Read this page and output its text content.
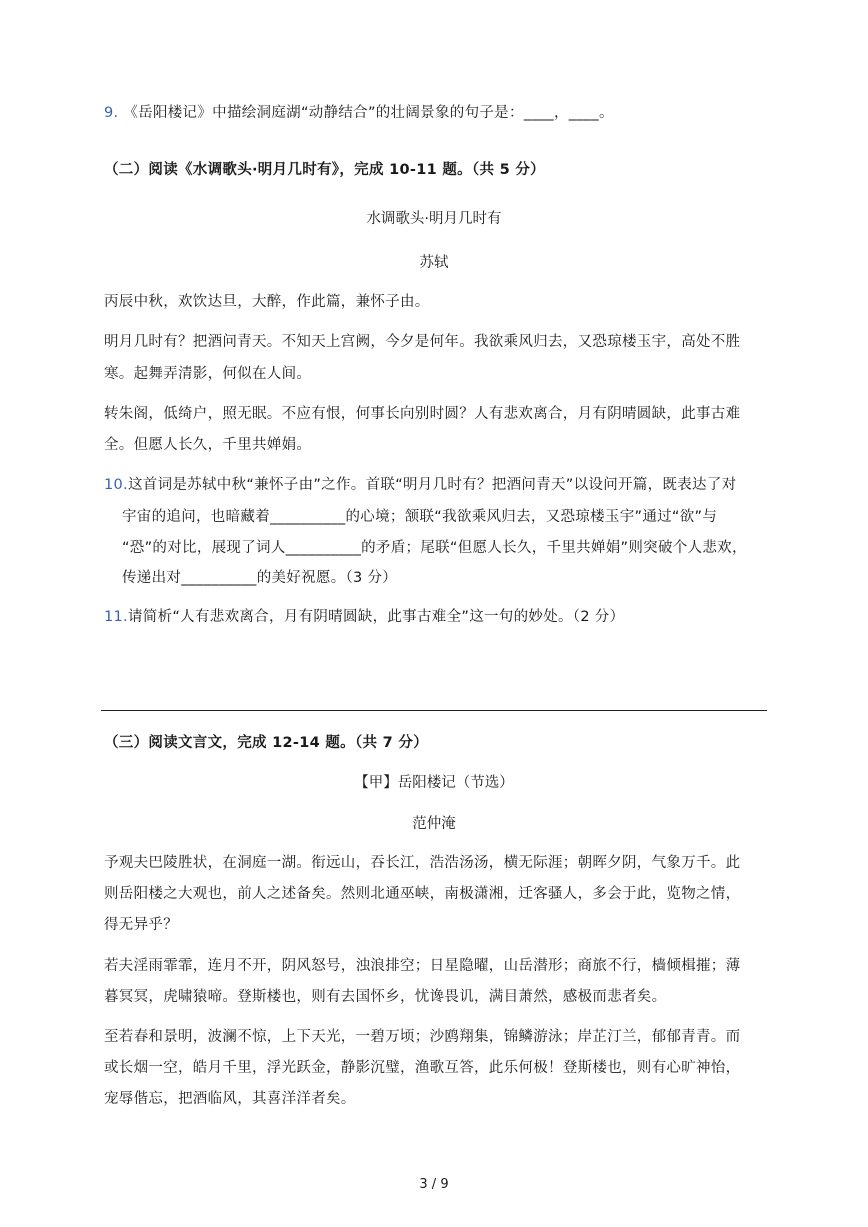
9. 《岳阳楼记》中描绘洞庭湖“动静结合”的壮阔景象的句子是：____，____。
（二）阅读《水调歌头·明月几时有》，完成 10-11 题。（共 5 分）
水调歌头·明月几时有
苏轼
丙辰中秋，欢饮达旦，大醉，作此篇，兼怀子由。
明月几时有？把酒问青天。不知天上宫阙，今夕是何年。我欲乘风归去，又恐琼楼玉宇，高处不胜
寒。起舞弄清影，何似在人间。
转朱阁，低绮户，照无眠。不应有恨，何事长向别时圆？人有悲欢离合，月有阴晴圆缺，此事古难
全。但愿人长久，千里共婵娟。
10.这首词是苏轼中秋“兼怀子由”之作。首联“明月几时有？把酒问青天”以设问开篇，既表达了对
宇宙的追问，也暗藏着__________的心境；颔联“我欲乘风归去，又恐琼楼玉宇”通过“欲”与
“恐”的对比，展现了词人__________的矛盾；尾联“但愿人长久，千里共婵娟”则突破个人悲欢，
传递出对__________的美好祝愿。（3 分）
11.请简析“人有悲欢离合，月有阴晴圆缺，此事古难全”这一句的妙处。（2 分）
（三）阅读文言文，完成 12-14 题。（共 7 分）
【甲】岳阳楼记（节选）
范仲淹
予观夫巴陵胜状，在洞庭一湖。衔远山，吞长江，浩浩汤汤，横无际涯；朝晖夕阴，气象万千。此
则岳阳楼之大观也，前人之述备矣。然则北通巫峡，南极潇湘，迁客骚人，多会于此，览物之情，
得无异乎？
若夫淫雨霏霏，连月不开，阴风怒号，浊浪排空；日星隐曜，山岳潜形；商旅不行，樯倾楫摧；薄
暮冥冥，虎啸猿啼。登斯楼也，则有去国怀乡，忧谗畏讥，满目萧然，感极而悲者矣。
至若春和景明，波澜不惊，上下天光，一碧万顷；沙鸥翔集，锦鳞游泳；岸芷汀兰，郁郁青青。而
或长烟一空，皓月千里，浮光跃金，静影沉璧，渔歌互答，此乐何极！登斯楼也，则有心旷神怡，
宠辱偕忘，把酒临风，其喜洋洋者矣。
3 / 9
